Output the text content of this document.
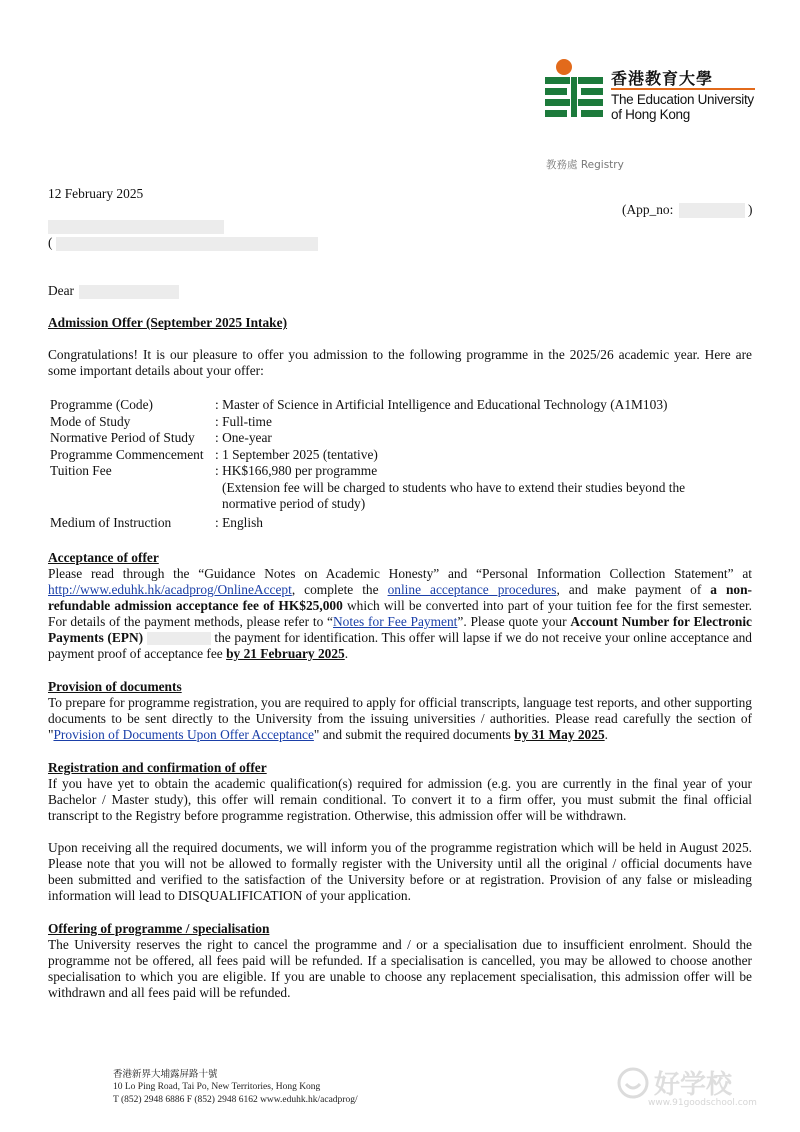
香港教育大學
The Education University
of Hong Kong
教務處 Registry
12 February 2025
(App_no:	)
(
Dear
Admission Offer (September 2025 Intake)
Congratulations! It is our pleasure to offer you admission to the following programme in the 2025/26 academic year. Here are some important details about your offer:
Programme (Code)	: Master of Science in Artificial Intelligence and Educational Technology (A1M103)
Mode of Study	: Full-time
Normative Period of Study	: One-year
Programme Commencement	: 1 September 2025 (tentative)
Tuition Fee	: HK$166,980 per programme
(Extension fee will be charged to students who have to extend their studies beyond the normative period of study)

Medium of Instruction	: English
Acceptance of offer

Please read through the “Guidance Notes on Academic Honesty” and “Personal Information Collection Statement” at http://www.eduhk.hk/acadprog/OnlineAccept, complete the online acceptance procedures, and make payment of a non-refundable admission acceptance fee of HK$25,000 which will be converted into part of your tuition fee for the first semester. For details of the payment methods, please refer to “Notes for Fee Payment”. Please quote your Account Number for Electronic Payments (EPN)	the payment for identification. This offer will lapse if we do not receive your online acceptance and payment proof of acceptance fee by 21 February 2025.

Provision of documents

To prepare for programme registration, you are required to apply for official transcripts, language test reports, and other supporting documents to be sent directly to the University from the issuing universities / authorities. Please read carefully the section of "Provision of Documents Upon Offer Acceptance" and submit the required documents by 31 May 2025.

Registration and confirmation of offer

If you have yet to obtain the academic qualification(s) required for admission (e.g. you are currently in the final year of your Bachelor / Master study), this offer will remain conditional. To convert it to a firm offer, you must submit the final official transcript to the Registry before programme registration. Otherwise, this admission offer will be withdrawn.

Upon receiving all the required documents, we will inform you of the programme registration which will be held in August 2025. Please note that you will not be allowed to formally register with the University until all the original / official documents have been submitted and verified to the satisfaction of the University before or at registration. Provision of any false or misleading information will lead to DISQUALIFICATION of your application.

Offering of programme / specialisation

The University reserves the right to cancel the programme and / or a specialisation due to insufficient enrolment. Should the programme not be offered, all fees paid will be refunded. If a specialisation is cancelled, you may be allowed to choose another specialisation to which you are eligible. If you are unable to choose any replacement specialisation, this admission offer will be withdrawn and all fees paid will be refunded.

香港新界大埔露屏路十號
10 Lo Ping Road, Tai Po, New Territories, Hong Kong
T (852) 2948 6886 F (852) 2948 6162 www.eduhk.hk/acadprog/	好学校
www.91goodschool.com
